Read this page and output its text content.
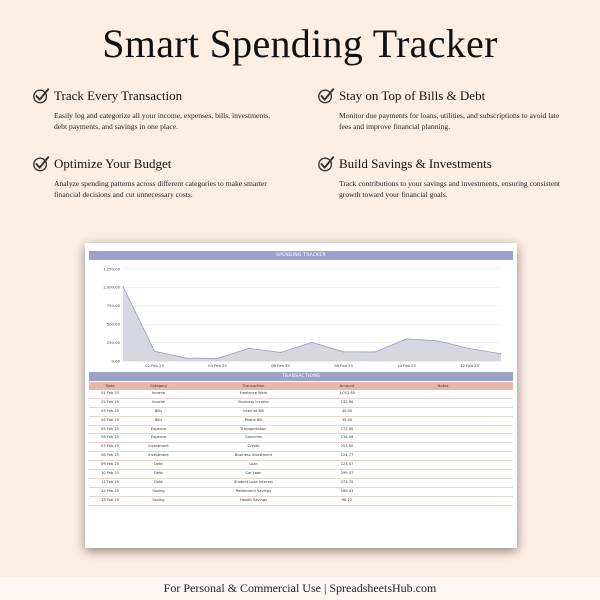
Smart Spending Tracker
Track Every Transaction
Easily log and categorize all your income, expenses, bills, investments, debt payments, and savings in one place.
Stay on Top of Bills & Debt
Monitor due payments for loans, utilities, and subscriptions to avoid late fees and improve financial planning.
Optimize Your Budget
Analyze spending patterns across different categories to make smarter financial decisions and cut unnecessary costs.
Build Savings & Investments
Track contributions to your savings and investments, ensuring consistent growth toward your financial goals.
SPENDING TRACKER
0.00
250.00
500.00
750.00
1,000.00
1,250.00
02 Feb 25	04 Feb 25	06 Feb 25	08 Feb 25	10 Feb 25	12 Feb 25
TRANSACTIONS
Date	Category	Transaction	Amount	Notes
01 Feb 25	Income	Freelance Work	1,012.85
02 Feb 25	Income	Business Income	132.90
03 Feb 25	Bills	Internet Bill	40.00
04 Feb 25	Bills	Phone Bill	35.00
05 Feb 25	Expense	Transportation	172.00
06 Feb 25	Expense	Groceries	116.09
07 Feb 25	Investment	Crypto	253.50
08 Feb 25	Investment	Business Investment	124.77
09 Feb 25	Debt	Loan	123.47
10 Feb 25	Debt	Car Loan	299.37
11 Feb 25	Debt	Student Loan Interest	272.70
12 Feb 25	Saving	Retirement Savings	169.43
13 Feb 25	Saving	Health Savings	98.12
For Personal & Commercial Use | SpreadsheetsHub.com
